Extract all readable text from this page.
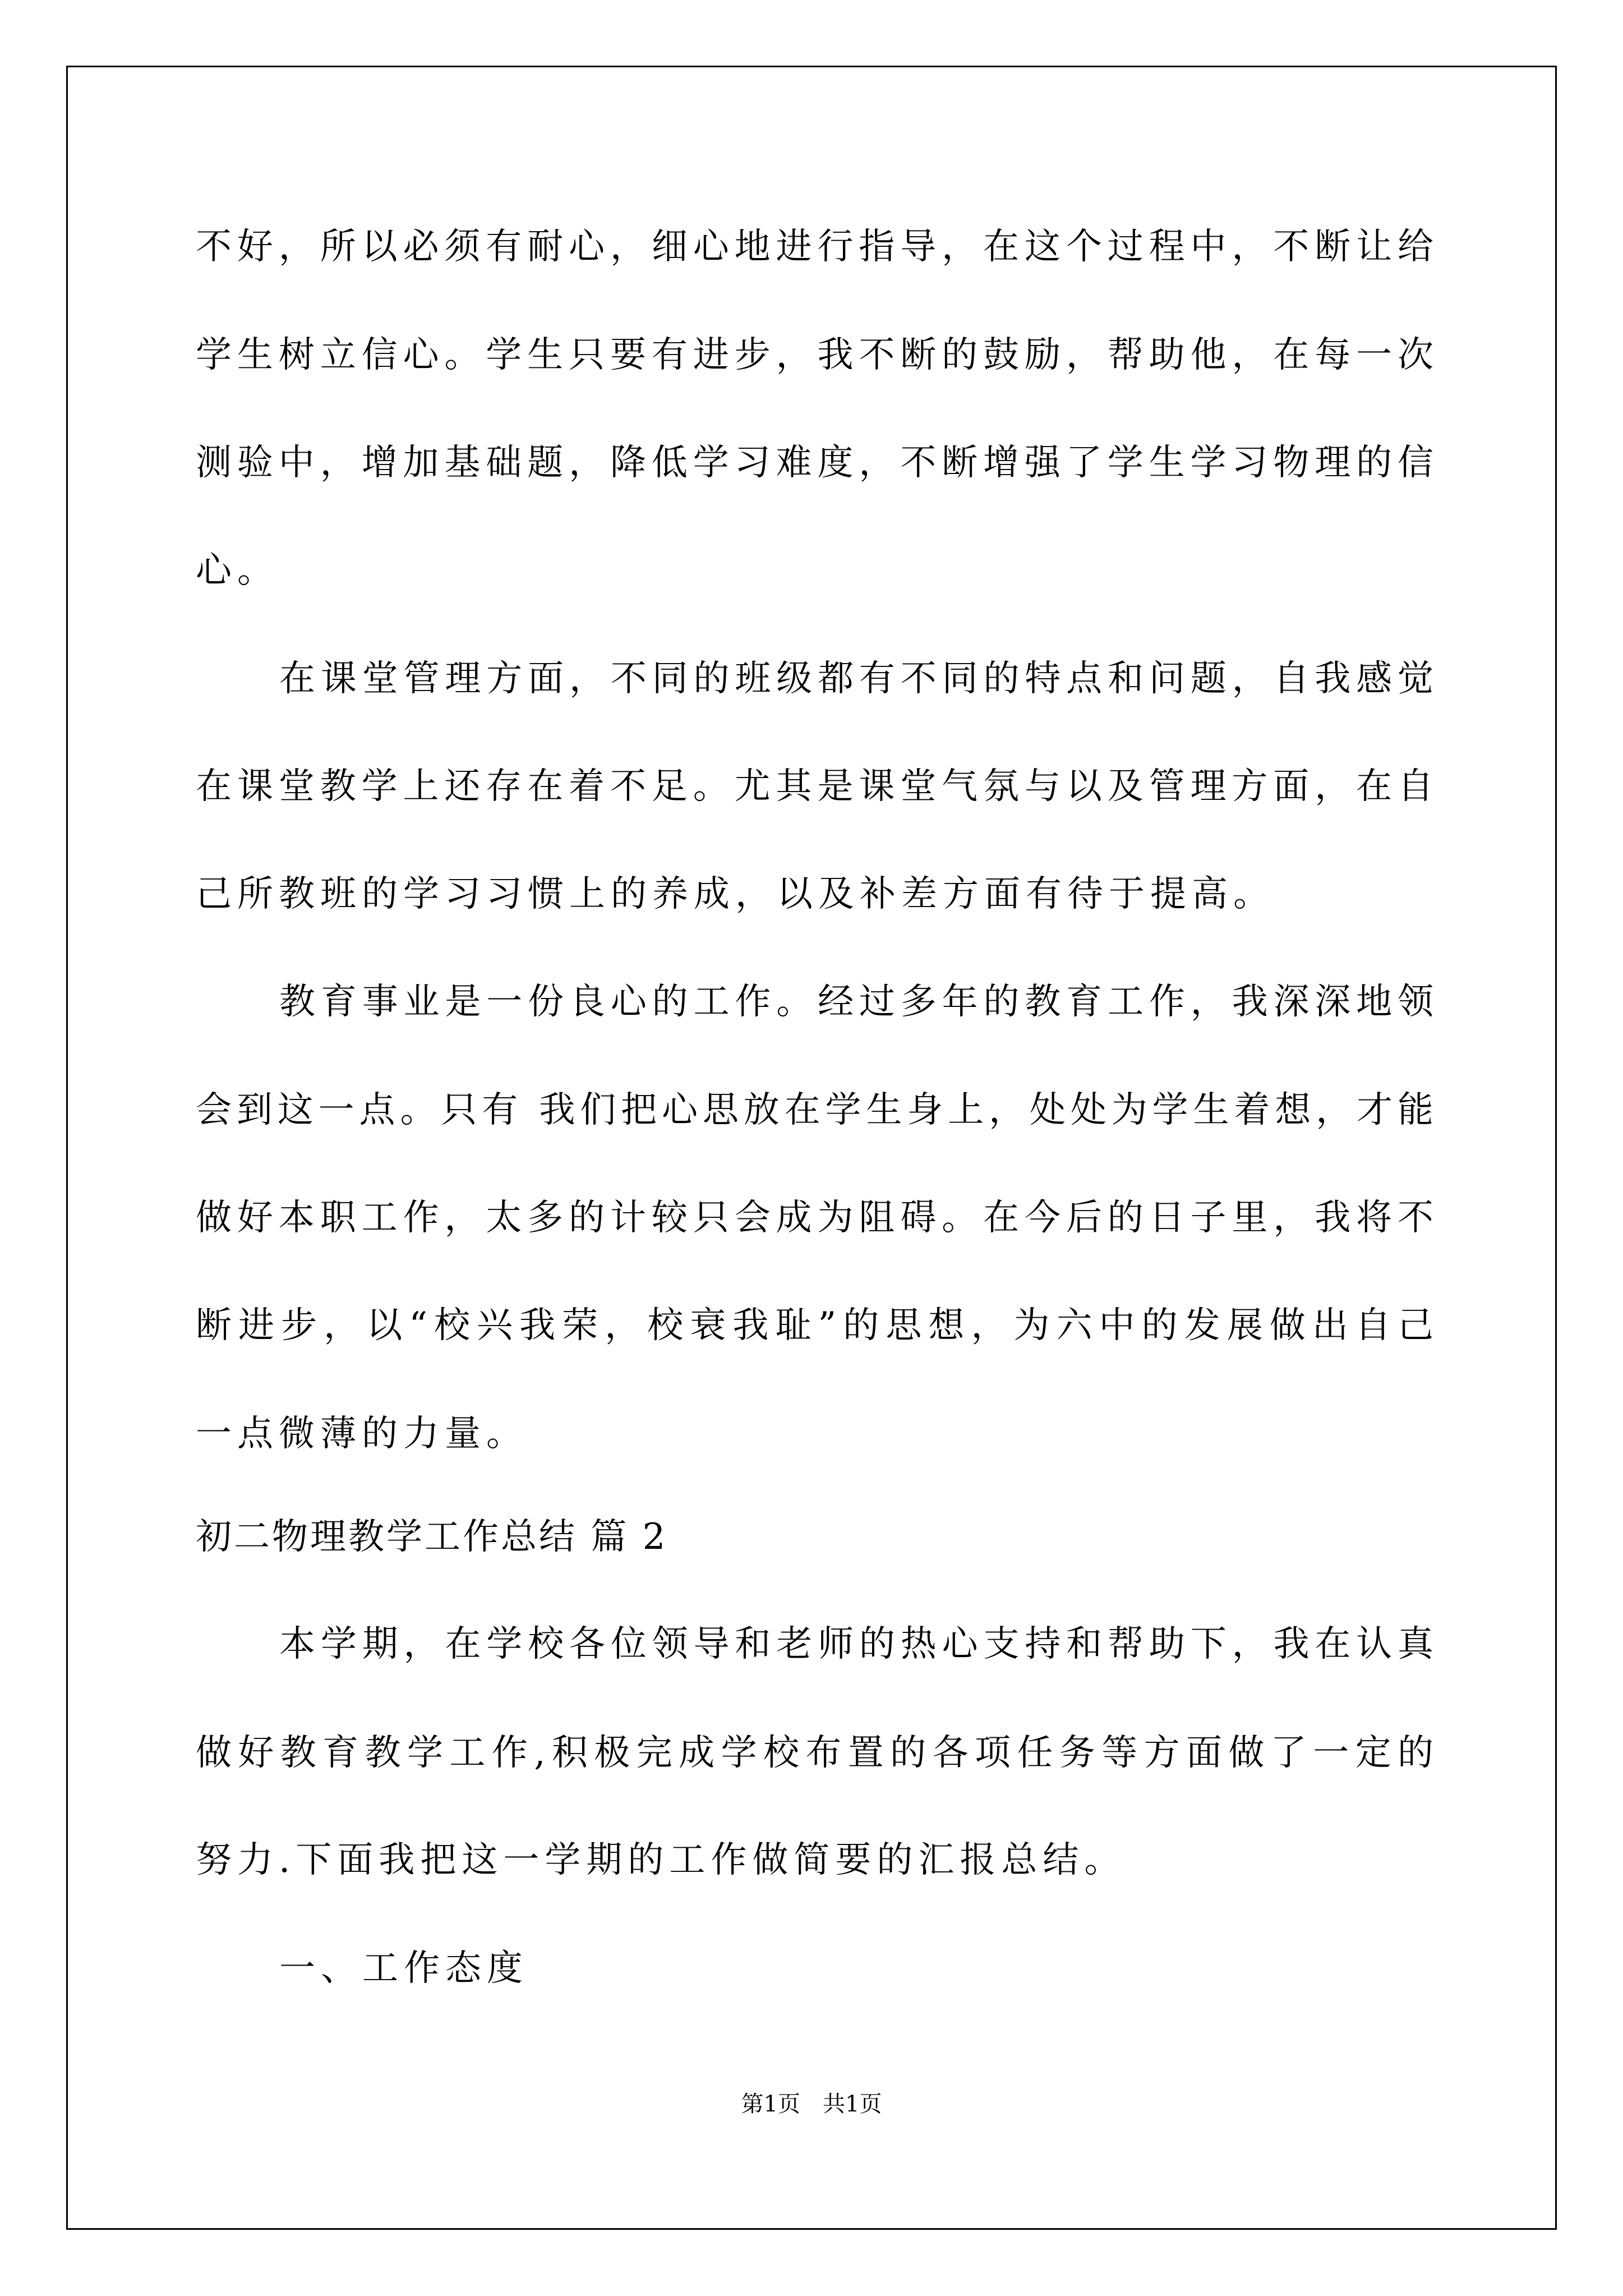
不好，所以必须有耐心，细心地进行指导，在这个过程中，不断让给
学生树立信心。学生只要有进步，我不断的鼓励，帮助他，在每一次
测验中，增加基础题，降低学习难度，不断增强了学生学习物理的信
心。
在课堂管理方面，不同的班级都有不同的特点和问题，自我感觉
在课堂教学上还存在着不足。尤其是课堂气氛与以及管理方面，在自
己所教班的学习习惯上的养成，以及补差方面有待于提高。
教育事业是一份良心的工作。经过多年的教育工作，我深深地领
会到这一点。只有 我们把心思放在学生身上，处处为学生着想，才能
做好本职工作，太多的计较只会成为阻碍。在今后的日子里，我将不
断进步，以“校兴我荣，校衰我耻”的思想，为六中的发展做出自己
一点微薄的力量。
初二物理教学工作总结 篇 2
本学期，在学校各位领导和老师的热心支持和帮助下，我在认真
做好教育教学工作,积极完成学校布置的各项任务等方面做了一定的
努力.下面我把这一学期的工作做简要的汇报总结。
一、工作态度
第1页　共1页
